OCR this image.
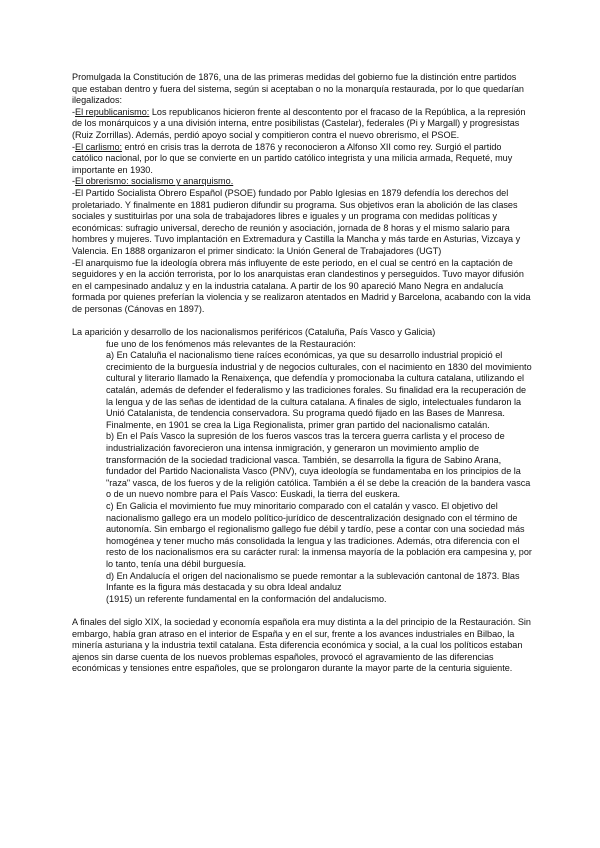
Promulgada la Constitución de 1876, una de las primeras medidas del gobierno fue la distinción entre partidos que estaban dentro y fuera del sistema, según si aceptaban o no la monarquía restaurada, por lo que quedarían ilegalizados:

-El republicanismo: Los republicanos hicieron frente al descontento por el fracaso de la República, a la represión de los monárquicos y a una división interna, entre posibilistas (Castelar), federales (Pi y Margall) y progresistas (Ruiz Zorrillas). Además, perdió apoyo social y compitieron contra el nuevo obrerismo, el PSOE.

-El carlismo: entró en crisis tras la derrota de 1876 y reconocieron a Alfonso XII como rey. Surgió el partido católico nacional, por lo que se convierte en un partido católico integrista y una milicia armada, Requeté, muy importante en 1930.

-El obrerismo: socialismo y anarquismo.

-El Partido Socialista Obrero Español (PSOE) fundado por Pablo Iglesias en 1879 defendía los derechos del proletariado. Y finalmente en 1881 pudieron difundir su programa. Sus objetivos eran la abolición de las clases sociales y sustituirlas por una sola de trabajadores libres e iguales y un programa con medidas políticas y económicas: sufragio universal, derecho de reunión y asociación, jornada de 8 horas y el mismo salario para hombres y mujeres. Tuvo implantación en Extremadura y Castilla la Mancha y más tarde en Asturias, Vizcaya y Valencia. En 1888 organizaron el primer sindicato: la Unión General de Trabajadores (UGT)

-El anarquismo fue la ideología obrera más influyente de este periodo, en el cual se centró en la captación de seguidores y en la acción terrorista, por lo los anarquistas eran clandestinos y perseguidos. Tuvo mayor difusión en el campesinado andaluz y en la industria catalana. A partir de los 90 apareció Mano Negra en andalucía formada por quienes preferían la violencia y se realizaron atentados en Madrid y Barcelona, acabando con la vida de personas (Cánovas en 1897).

La aparición y desarrollo de los nacionalismos periféricos (Cataluña, País Vasco y Galicia)

fue uno de los fenómenos más relevantes de la Restauración:

a) En Cataluña el nacionalismo tiene raíces económicas, ya que su desarrollo industrial propició el crecimiento de la burguesía industrial y de negocios culturales, con el nacimiento en 1830 del movimiento cultural y literario llamado la Renaixença, que defendía y promocionaba la cultura catalana, utilizando el catalán, además de defender el federalismo y las tradiciones forales. Su finalidad era la recuperación de la lengua y de las señas de identidad de la cultura catalana. A finales de siglo, intelectuales fundaron la Unió Catalanista, de tendencia conservadora. Su programa quedó fijado en las Bases de Manresa. Finalmente, en 1901 se crea la Liga Regionalista, primer gran partido del nacionalismo catalán.

b) En el País Vasco la supresión de los fueros vascos tras la tercera guerra carlista y el proceso de industrialización favorecieron una intensa inmigración, y generaron un movimiento amplio de transformación de la sociedad tradicional vasca. También, se desarrolla la figura de Sabino Arana, fundador del Partido Nacionalista Vasco (PNV), cuya ideología se fundamentaba en los principios de la "raza" vasca, de los fueros y de la religión católica. También a él se debe la creación de la bandera vasca o de un nuevo nombre para el País Vasco: Euskadi, la tierra del euskera.

c) En Galicia el movimiento fue muy minoritario comparado con el catalán y vasco. El objetivo del nacionalismo gallego era un modelo político-jurídico de descentralización designado con el término de autonomía. Sin embargo el regionalismo gallego fue débil y tardío, pese a contar con una sociedad más homogénea y tener mucho más consolidada la lengua y las tradiciones. Además, otra diferencia con el resto de los nacionalismos era su carácter rural: la inmensa mayoría de la población era campesina y, por lo tanto, tenía una débil burguesía.

d) En Andalucía el origen del nacionalismo se puede remontar a la sublevación cantonal de 1873. Blas Infante es la figura más destacada y su obra Ideal andaluz
(1915) un referente fundamental en la conformación del andalucismo.

A finales del siglo XIX, la sociedad y economía española era muy distinta a la del principio de la Restauración. Sin embargo, había gran atraso en el interior de España y en el sur, frente a los avances industriales en Bilbao, la minería asturiana y la industria textil catalana. Esta diferencia económica y social, a la cual los políticos estaban ajenos sin darse cuenta de los nuevos problemas españoles, provocó el agravamiento de las diferencias económicas y tensiones entre españoles, que se prolongaron durante la mayor parte de la centuria siguiente.
